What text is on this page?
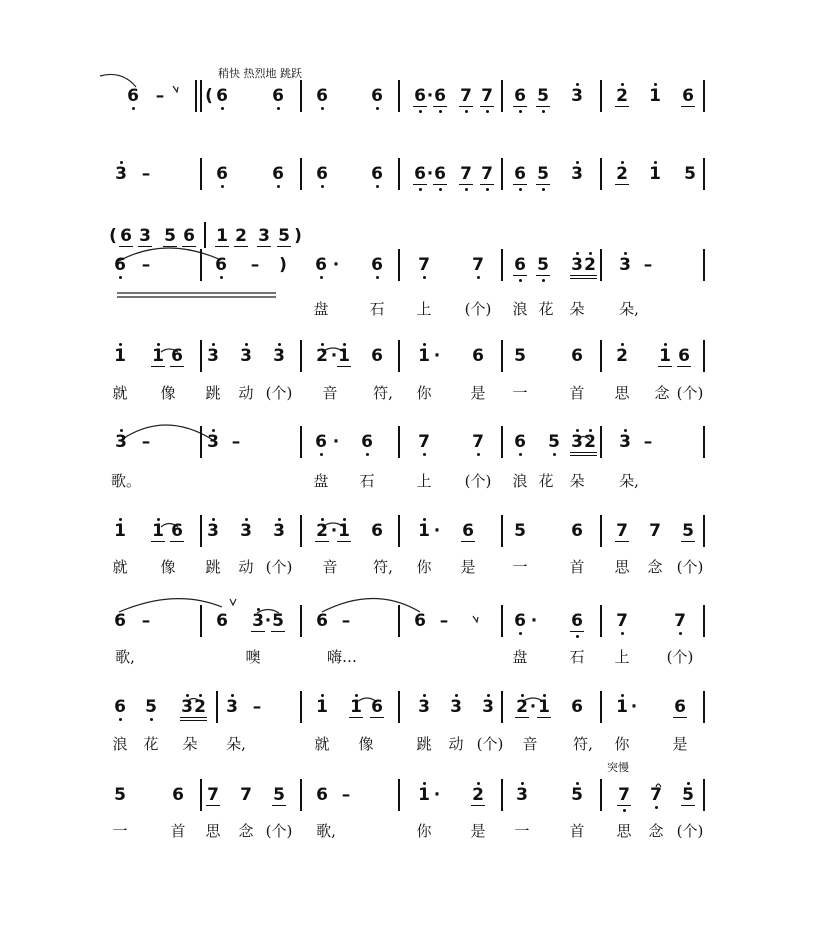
稍快 热烈地 跳跃
突慢
( 6 3 5 6 1 2 3 5 )
6 – ( 6	6 6	6 6 · 6 7 7 6 5 3 2 1 6
3 –	6	6 6	6 6 · 6 7 7 6 5 3 2 1 5
6 –	6 – ) 6 · 6 7 7 6 5 3 2 3 –
盘	石 上 (个) 浪 花 朵 朵,
1 1 6 3 3 3 2 · 1 6 1 · 6 5	6 2 1 6
就 像 跳 动 (个) 音 符, 你	是 一	首 思 念 (个)
3 –	3 –	6 · 6	7 7 6 5 3 2 3 –
歌。	盘 石	上 (个) 浪 花 朵 朵,
1 1 6 3 3 3 2 · 1 6 1 · 6 5	6 7 7 5
就 像 跳 动 (个) 音 符, 你 是 一	首 思 念 (个)
6 –	6 3 · 5 6 –	6 –	6 · 6 7	7
歌,	噢	嗨…	盘	石 上 (个)
6 5 3 2 3 –	1 1 6 3 3 3 2 · 1 6 1 · 6
浪 花 朵 朵,	就 像	跳 动 (个) 音 符, 你	是
5	6 7 7 5 6 –	1 · 2 3	5 7 7 5
一	首 思 念 (个) 歌,	你	是 一	首 思 念 (个)
